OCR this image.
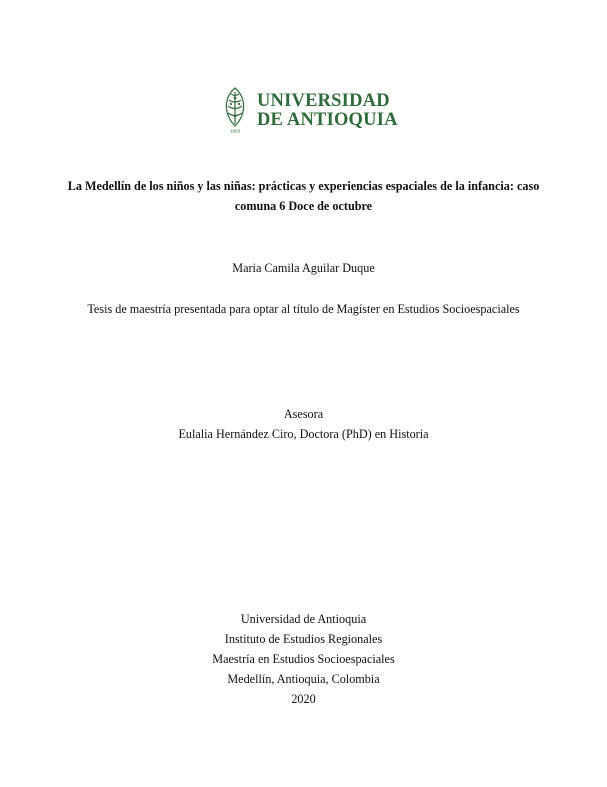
1803
UNIVERSIDAD
DE ANTIOQUIA
La Medellín de los niños y las niñas: prácticas y experiencias espaciales de la infancia: caso
comuna 6 Doce de octubre
Maria Camila Aguilar Duque
Tesis de maestría presentada para optar al título de Magíster en Estudios Socioespaciales
Asesora
Eulalia Hernández Ciro, Doctora (PhD) en Historia
Universidad de Antioquia
Instituto de Estudios Regionales
Maestría en Estudios Socioespaciales
Medellín, Antioquia, Colombia
2020
